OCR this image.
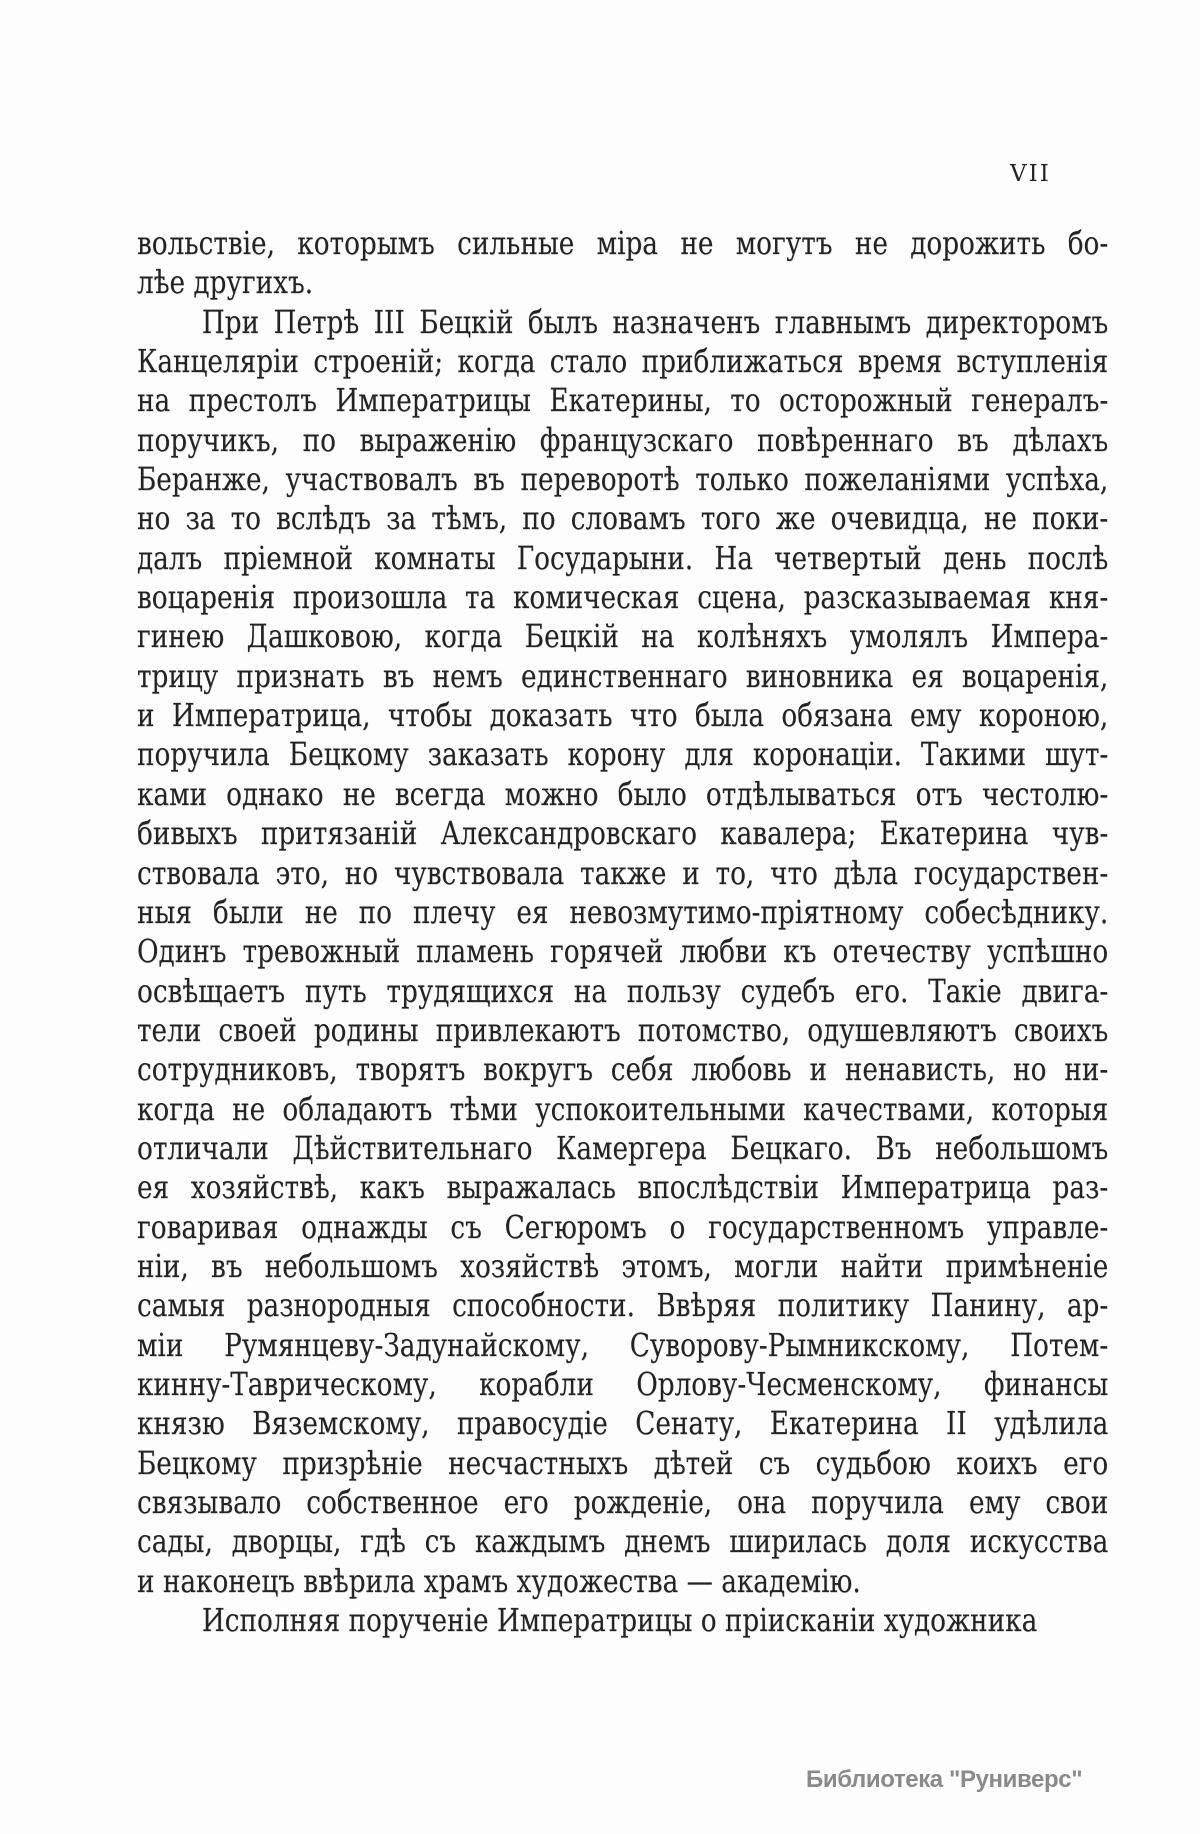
VII

вольствіе, которымъ сильные міра не могутъ не дорожить бо-
лѣе другихъ.

При Петрѣ III Бецкій былъ назначенъ главнымъ директоромъ
Канцеляріи строеній; когда стало приближаться время вступленія
на престолъ Императрицы Екатерины, то осторожный генералъ-
поручикъ, по выраженію французскаго повѣреннаго въ дѣлахъ
Беранже, участвовалъ въ переворотѣ только пожеланіями успѣха,
но за то вслѣдъ за тѣмъ, по словамъ того же очевидца, не поки-
далъ пріемной комнаты Государыни. На четвертый день послѣ
воцаренія произошла та комическая сцена, разсказываемая кня-
гинею Дашковою, когда Бецкій на колѣняхъ умолялъ Импера-
трицу признать въ немъ единственнаго виновника ея воцаренія,
и Императрица, чтобы доказать что была обязана ему короною,
поручила Бецкому заказать корону для коронаціи. Такими шут-
ками однако не всегда можно было отдѣлываться отъ честолю-
бивыхъ притязаній Александровскаго кавалера; Екатерина чув-
ствовала это, но чувствовала также и то, что дѣла государствен-
ныя были не по плечу ея невозмутимо-пріятному собесѣднику.
Одинъ тревожный пламень горячей любви къ отечеству успѣшно
освѣщаетъ путь трудящихся на пользу судебъ его. Такіе двига-
тели своей родины привлекаютъ потомство, одушевляютъ своихъ
сотрудниковъ, творятъ вокругъ себя любовь и ненависть, но ни-
когда не обладаютъ тѣми успокоительными качествами, которыя
отличали Дѣйствительнаго Камергера Бецкаго. Въ небольшомъ
ея хозяйствѣ, какъ выражалась впослѣдствіи Императрица раз-
говаривая однажды съ Сегюромъ о государственномъ управле-
ніи, въ небольшомъ хозяйствѣ этомъ, могли найти примѣненіе
самыя разнородныя способности. Ввѣряя политику Панину, ар-
міи Румянцеву-Задунайскому, Суворову-Рымникскому, Потем-
кинну-Таврическому, корабли Орлову-Чесменскому, финансы
князю Вяземскому, правосудіе Сенату, Екатерина II удѣлила
Бецкому призрѣніе несчастныхъ дѣтей съ судьбою коихъ его
связывало собственное его рожденіе, она поручила ему свои
сады, дворцы, гдѣ съ каждымъ днемъ ширилась доля искусства
и наконецъ ввѣрила храмъ художества — академію.

Исполняя порученіе Императрицы о пріисканіи художника

Библиотека "Руниверс"
